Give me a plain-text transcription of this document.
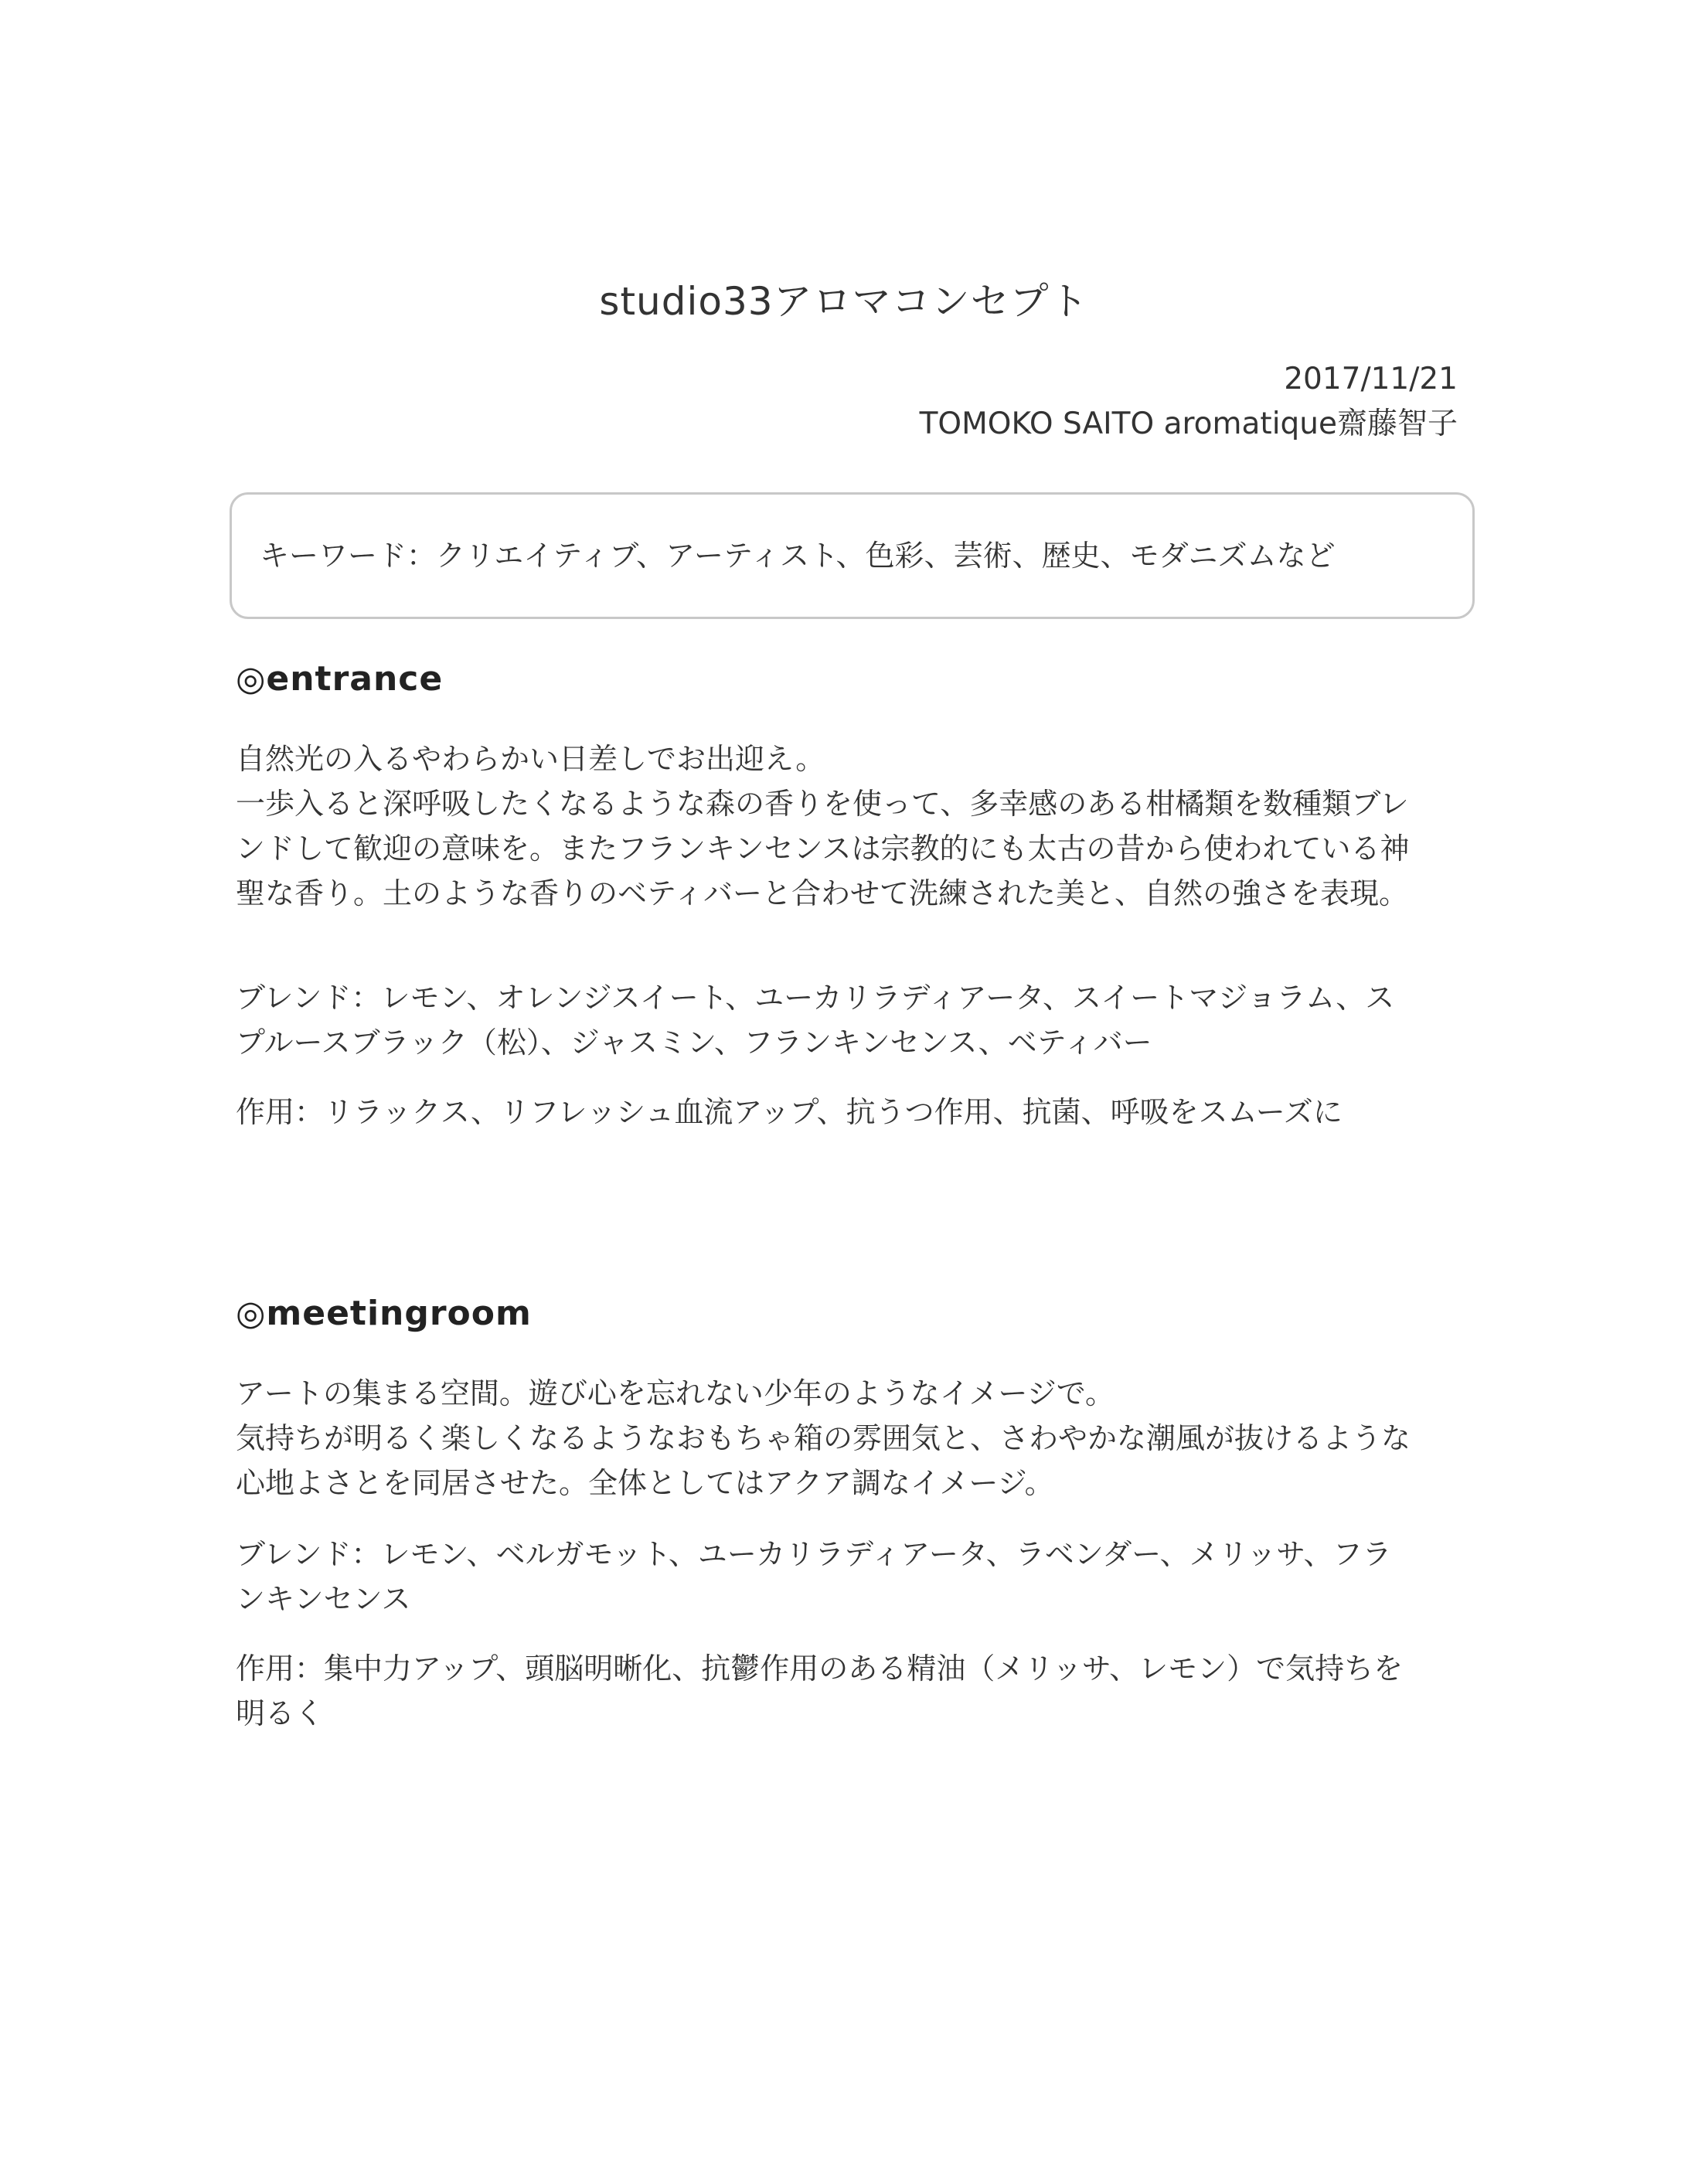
studio33アロマコンセプト
2017/11/21
TOMOKO SAITO aromatique齋藤智子
キーワード：クリエイティブ、アーティスト、色彩、芸術、歴史、モダニズムなど
◎entrance
自然光の入るやわらかい日差しでお出迎え。
一歩入ると深呼吸したくなるような森の香りを使って、多幸感のある柑橘類を数種類ブレ
ンドして歓迎の意味を。またフランキンセンスは宗教的にも太古の昔から使われている神
聖な香り。土のような香りのベティバーと合わせて洗練された美と、自然の強さを表現。
ブレンド：レモン、オレンジスイート、ユーカリラディアータ、スイートマジョラム、ス
プルースブラック（松）、ジャスミン、フランキンセンス、ベティバー
作用：リラックス、リフレッシュ血流アップ、抗うつ作用、抗菌、呼吸をスムーズに
◎meetingroom
アートの集まる空間。遊び心を忘れない少年のようなイメージで。
気持ちが明るく楽しくなるようなおもちゃ箱の雰囲気と、さわやかな潮風が抜けるような
心地よさとを同居させた。全体としてはアクア調なイメージ。
ブレンド：レモン、ベルガモット、ユーカリラディアータ、ラベンダー、メリッサ、フラ
ンキンセンス
作用：集中力アップ、頭脳明晰化、抗鬱作用のある精油（メリッサ、レモン）で気持ちを
明るく
